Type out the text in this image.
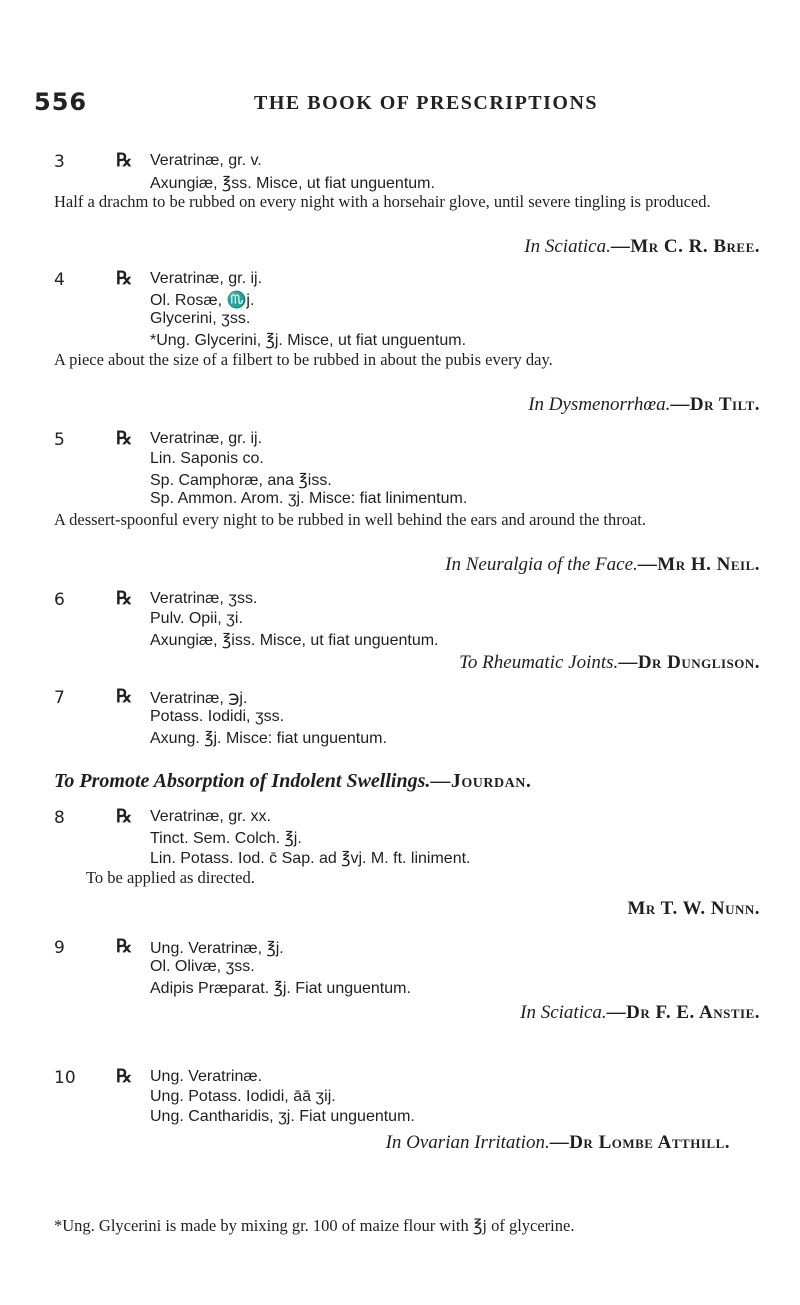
556	THE BOOK OF PRESCRIPTIONS
3	℞ Veratrinæ, gr. v.
Axungiæ, ℥ss. Misce, ut fiat unguentum.
Half a drachm to be rubbed on every night with a horsehair glove, until severe tingling is produced.
In Sciatica.—Mr C. R. Bree.
4	℞ Veratrinæ, gr. ij.
Ol. Rosæ, ♏j.
Glycerini, ʒss.
*Ung. Glycerini, ℥j. Misce, ut fiat unguentum.
A piece about the size of a filbert to be rubbed in about the pubis every day.
In Dysmenorrhœa.—Dr Tilt.
5	℞ Veratrinæ, gr. ij.
Lin. Saponis co.
Sp. Camphoræ, ana ℥iss.
Sp. Ammon. Arom. ʒj. Misce: fiat linimentum.
A dessert-spoonful every night to be rubbed in well behind the ears and around the throat.
In Neuralgia of the Face.—Mr H. Neil.
6	℞ Veratrinæ, ʒss.
Pulv. Opii, ʒi.
Axungiæ, ℥iss. Misce, ut fiat unguentum.
To Rheumatic Joints.—Dr Dunglison.
7	℞ Veratrinæ, ℈j.
Potass. Iodidi, ʒss.
Axung. ℥j. Misce: fiat unguentum.
To Promote Absorption of Indolent Swellings.—Jourdan.
8	℞ Veratrinæ, gr. xx.
Tinct. Sem. Colch. ℥j.
Lin. Potass. Iod. c̄ Sap. ad ℥vj. M. ft. liniment.
To be applied as directed.
Mr T. W. Nunn.
9	℞ Ung. Veratrinæ, ℥j.
Ol. Olivæ, ʒss.
Adipis Præparat. ℥j. Fiat unguentum.
In Sciatica.—Dr F. E. Anstie.
10 ℞ Ung. Veratrinæ.
Ung. Potass. Iodidi, āā ʒij.
Ung. Cantharidis, ʒj. Fiat unguentum.
In Ovarian Irritation.—Dr Lombe Atthill.
*Ung. Glycerini is made by mixing gr. 100 of maize flour with ℥j of glycerine.
